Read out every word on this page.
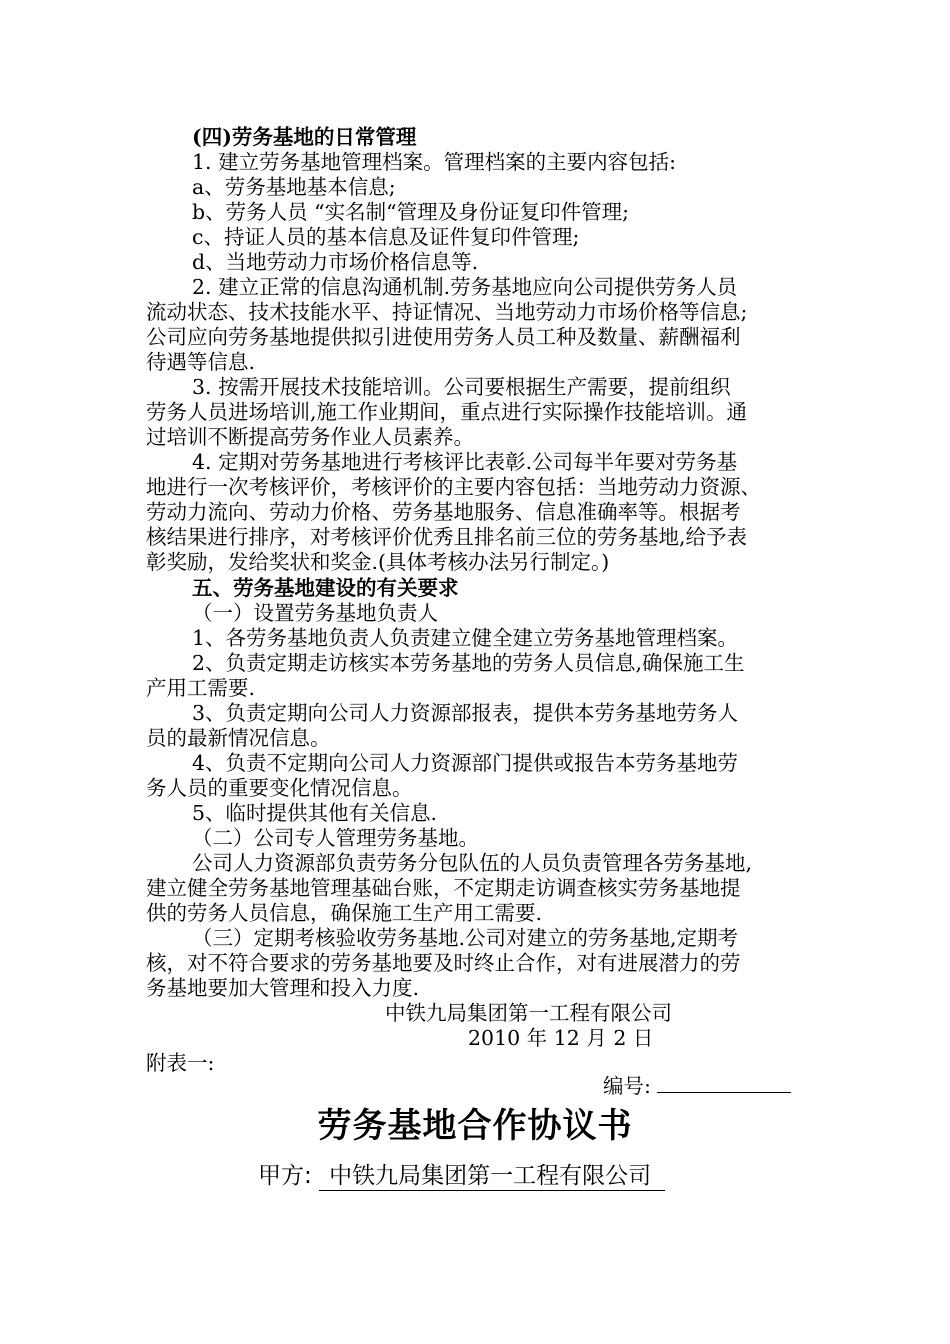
(四)劳务基地的日常管理
1. 建立劳务基地管理档案。管理档案的主要内容包括:
a、劳务基地基本信息;
b、劳务人员 “实名制“管理及身份证复印件管理;
c、持证人员的基本信息及证件复印件管理;
d、当地劳动力市场价格信息等.
2. 建立正常的信息沟通机制.劳务基地应向公司提供劳务人员
流动状态、技术技能水平、持证情况、当地劳动力市场价格等信息;
公司应向劳务基地提供拟引进使用劳务人员工种及数量、薪酬福利
待遇等信息.
3. 按需开展技术技能培训。公司要根据生产需要，提前组织
劳务人员进场培训,施工作业期间，重点进行实际操作技能培训。通
过培训不断提高劳务作业人员素养。
4. 定期对劳务基地进行考核评比表彰.公司每半年要对劳务基
地进行一次考核评价，考核评价的主要内容包括：当地劳动力资源、
劳动力流向、劳动力价格、劳务基地服务、信息准确率等。根据考
核结果进行排序，对考核评价优秀且排名前三位的劳务基地,给予表
彰奖励，发给奖状和奖金.(具体考核办法另行制定。)
五、劳务基地建设的有关要求
（一）设置劳务基地负责人
1、各劳务基地负责人负责建立健全建立劳务基地管理档案。
2、负责定期走访核实本劳务基地的劳务人员信息,确保施工生
产用工需要.
3、负责定期向公司人力资源部报表，提供本劳务基地劳务人
员的最新情况信息。
4、负责不定期向公司人力资源部门提供或报告本劳务基地劳
务人员的重要变化情况信息。
5、临时提供其他有关信息.
（二）公司专人管理劳务基地。
公司人力资源部负责劳务分包队伍的人员负责管理各劳务基地,
建立健全劳务基地管理基础台账，不定期走访调查核实劳务基地提
供的劳务人员信息，确保施工生产用工需要.
（三）定期考核验收劳务基地.公司对建立的劳务基地,定期考
核，对不符合要求的劳务基地要及时终止合作，对有进展潜力的劳
务基地要加大管理和投入力度.
中铁九局集团第一工程有限公司
2010 年 12 月 2 日
附表一:
编号:
劳务基地合作协议书
甲方: 中铁九局集团第一工程有限公司
